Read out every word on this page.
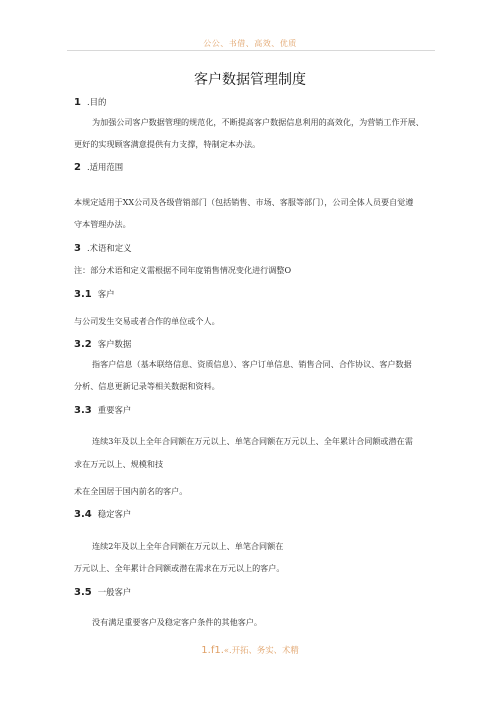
公公、书借、高效、优质
客户数据管理制度
1 .目的
为加强公司客户数据管理的规范化，不断提高客户数据信息利用的高效化，为营销工作开展、
更好的实现顾客满意提供有力支撑，特制定本办法。
2 .适用范围
本规定适用于XX公司及各级营销部门（包括销售、市场、客服等部门），公司全体人员要自觉遵
守本管理办法。
3 .术语和定义
注：部分术语和定义需根据不同年度销售情况变化进行调整O
3.1 客户
与公司发生交易或者合作的单位或个人。
3.2 客户数据
指客户信息（基本联络信息、资质信息）、客户订单信息、销售合同、合作协议、客户数据
分析、信息更新记录等相关数据和资料。
3.3 重要客户
连续3年及以上全年合同额在万元以上、单笔合同额在万元以上、全年累计合同额或潜在需
求在万元以上、规模和技
术在全国居于国内前名的客户。
3.4 稳定客户
连续2年及以上全年合同额在万元以上、单笔合同额在
万元以上、全年累计合同额或潜在需求在万元以上的客户。
3.5 一般客户
没有满足重要客户及稳定客户条件的其他客户。
1.f1.«.开拓、务实、术精
